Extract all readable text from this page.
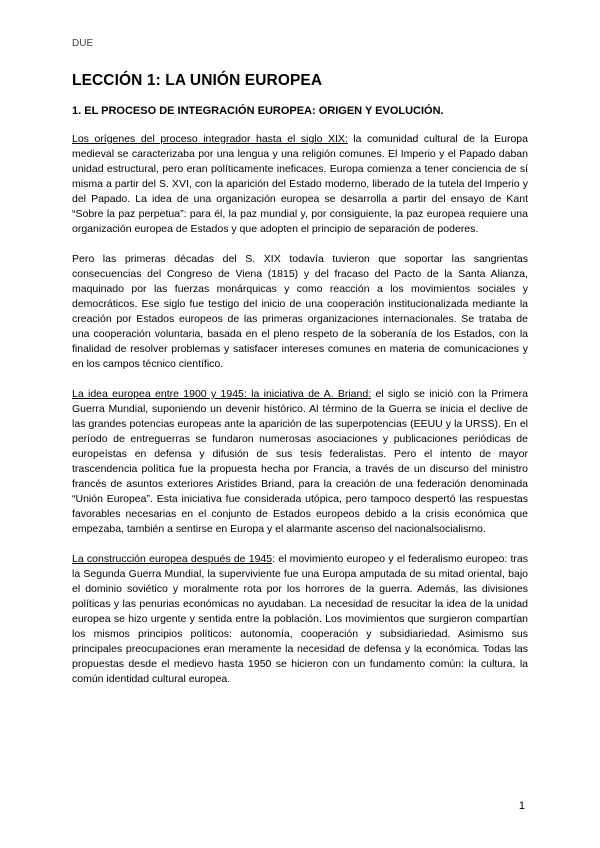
DUE
LECCIÓN 1: LA UNIÓN EUROPEA
1. EL PROCESO DE INTEGRACIÓN EUROPEA: ORIGEN Y EVOLUCIÓN.

Los orígenes del proceso integrador hasta el siglo XIX: la comunidad cultural de la Europa medieval se caracterizaba por una lengua y una religión comunes. El Imperio y el Papado daban unidad estructural, pero eran políticamente ineficaces. Europa comienza a tener conciencia de sí misma a partir del S. XVI, con la aparición del Estado moderno, liberado de la tutela del Imperio y del Papado. La idea de una organización europea se desarrolla a partir del ensayo de Kant “Sobre la paz perpetua”: para él, la paz mundial y, por consiguiente, la paz europea requiere una organización europea de Estados y que adopten el principio de separación de poderes.

Pero las primeras décadas del S. XIX todavía tuvieron que soportar las sangrientas consecuencias del Congreso de Viena (1815) y del fracaso del Pacto de la Santa Alianza, maquinado por las fuerzas monárquicas y como reacción a los movimientos sociales y democráticos. Ese siglo fue testigo del inicio de una cooperación institucionalizada mediante la creación por Estados europeos de las primeras organizaciones internacionales. Se trataba de una cooperación voluntaria, basada en el pleno respeto de la soberanía de los Estados, con la finalidad de resolver problemas y satisfacer intereses comunes en materia de comunicaciones y en los campos técnico científico.

La idea europea entre 1900 y 1945: la iniciativa de A. Briand: el siglo se inició con la Primera Guerra Mundial, suponiendo un devenir histórico. Al término de la Guerra se inicia el declive de las grandes potencias europeas ante la aparición de las superpotencias (EEUU y la URSS). En el período de entreguerras se fundaron numerosas asociaciones y publicaciones periódicas de europeístas en defensa y difusión de sus tesis federalistas. Pero el intento de mayor trascendencia política fue la propuesta hecha por Francia, a través de un discurso del ministro francés de asuntos exteriores Aristides Briand, para la creación de una federación denominada “Unión Europea”. Esta iniciativa fue considerada utópica, pero tampoco despertó las respuestas favorables necesarias en el conjunto de Estados europeos debido a la crisis económica que empezaba, también a sentirse en Europa y el alarmante ascenso del nacionalsocialismo.

La construcción europea después de 1945: el movimiento europeo y el federalismo europeo: tras la Segunda Guerra Mundial, la superviviente fue una Europa amputada de su mitad oriental, bajo el dominio soviético y moralmente rota por los horrores de la guerra. Además, las divisiones políticas y las penurias económicas no ayudaban. La necesidad de resucitar la idea de la unidad europea se hizo urgente y sentida entre la población. Los movimientos que surgieron compartían los mismos principios políticos: autonomía, cooperación y subsidiariedad. Asimismo sus principales preocupaciones eran meramente la necesidad de defensa y la económica. Todas las propuestas desde el medievo hasta 1950 se hicieron con un fundamento común: la cultura, la común identidad cultural europea.

1
